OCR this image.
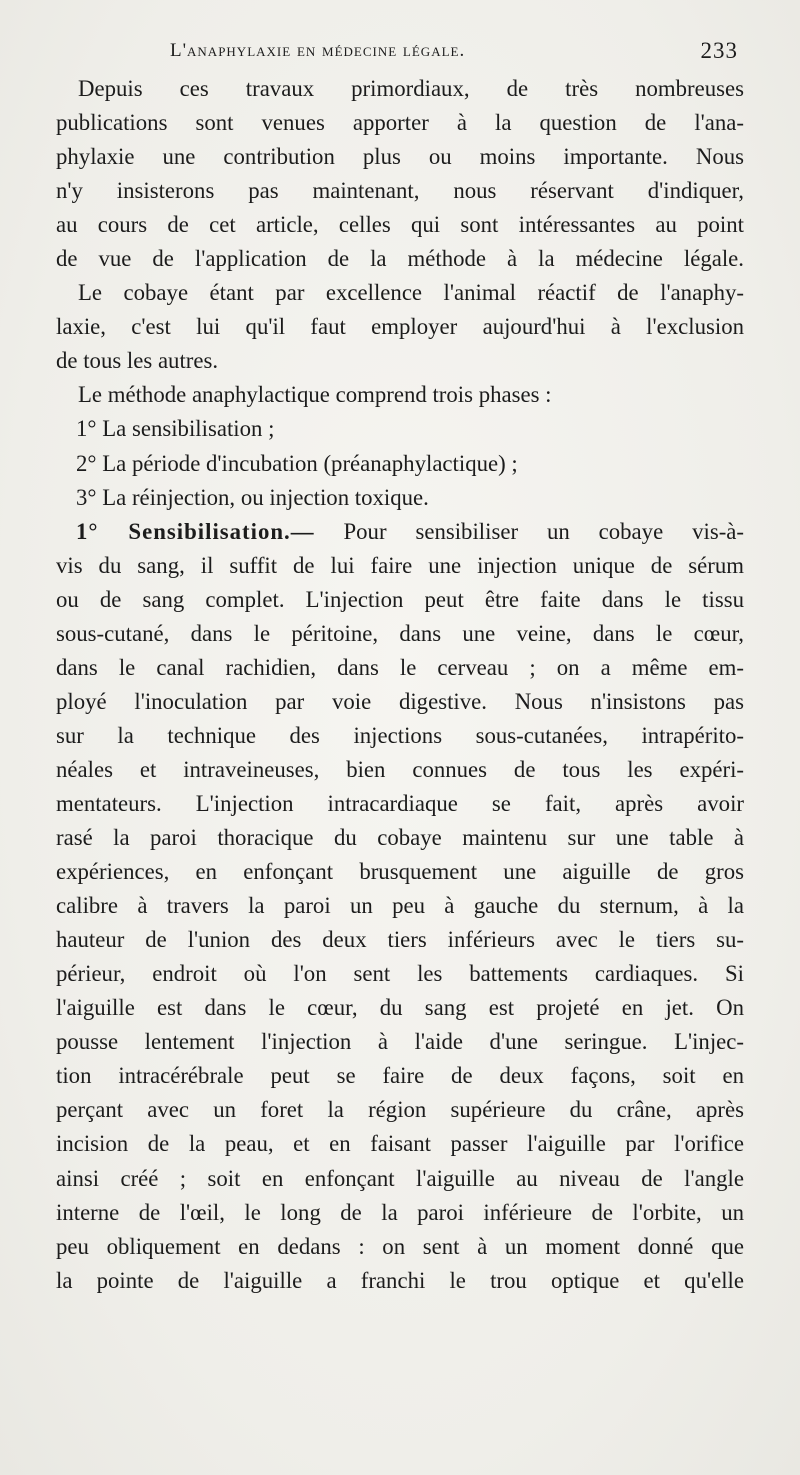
L'anaphylaxie en médecine légale.	233
Depuis ces travaux primordiaux, de très nombreuses
publications sont venues apporter à la question de l'ana-
phylaxie une contribution plus ou moins importante. Nous
n'y insisterons pas maintenant, nous réservant d'indiquer,
au cours de cet article, celles qui sont intéressantes au point
de vue de l'application de la méthode à la médecine légale.
Le cobaye étant par excellence l'animal réactif de l'anaphy-
laxie, c'est lui qu'il faut employer aujourd'hui à l'exclusion
de tous les autres.
Le méthode anaphylactique comprend trois phases :
1° La sensibilisation ;
2° La période d'incubation (préanaphylactique) ;
3° La réinjection, ou injection toxique.
1° Sensibilisation.— Pour sensibiliser un cobaye vis-à-
vis du sang, il suffit de lui faire une injection unique de sérum
ou de sang complet. L'injection peut être faite dans le tissu
sous-cutané, dans le péritoine, dans une veine, dans le cœur,
dans le canal rachidien, dans le cerveau ; on a même em-
ployé l'inoculation par voie digestive. Nous n'insistons pas
sur la technique des injections sous-cutanées, intrapérito-
néales et intraveineuses, bien connues de tous les expéri-
mentateurs. L'injection intracardiaque se fait, après avoir
rasé la paroi thoracique du cobaye maintenu sur une table à
expériences, en enfonçant brusquement une aiguille de gros
calibre à travers la paroi un peu à gauche du sternum, à la
hauteur de l'union des deux tiers inférieurs avec le tiers su-
périeur, endroit où l'on sent les battements cardiaques. Si
l'aiguille est dans le cœur, du sang est projeté en jet. On
pousse lentement l'injection à l'aide d'une seringue. L'injec-
tion intracérébrale peut se faire de deux façons, soit en
perçant avec un foret la région supérieure du crâne, après
incision de la peau, et en faisant passer l'aiguille par l'orifice
ainsi créé ; soit en enfonçant l'aiguille au niveau de l'angle
interne de l'œil, le long de la paroi inférieure de l'orbite, un
peu obliquement en dedans : on sent à un moment donné que
la pointe de l'aiguille a franchi le trou optique et qu'elle
